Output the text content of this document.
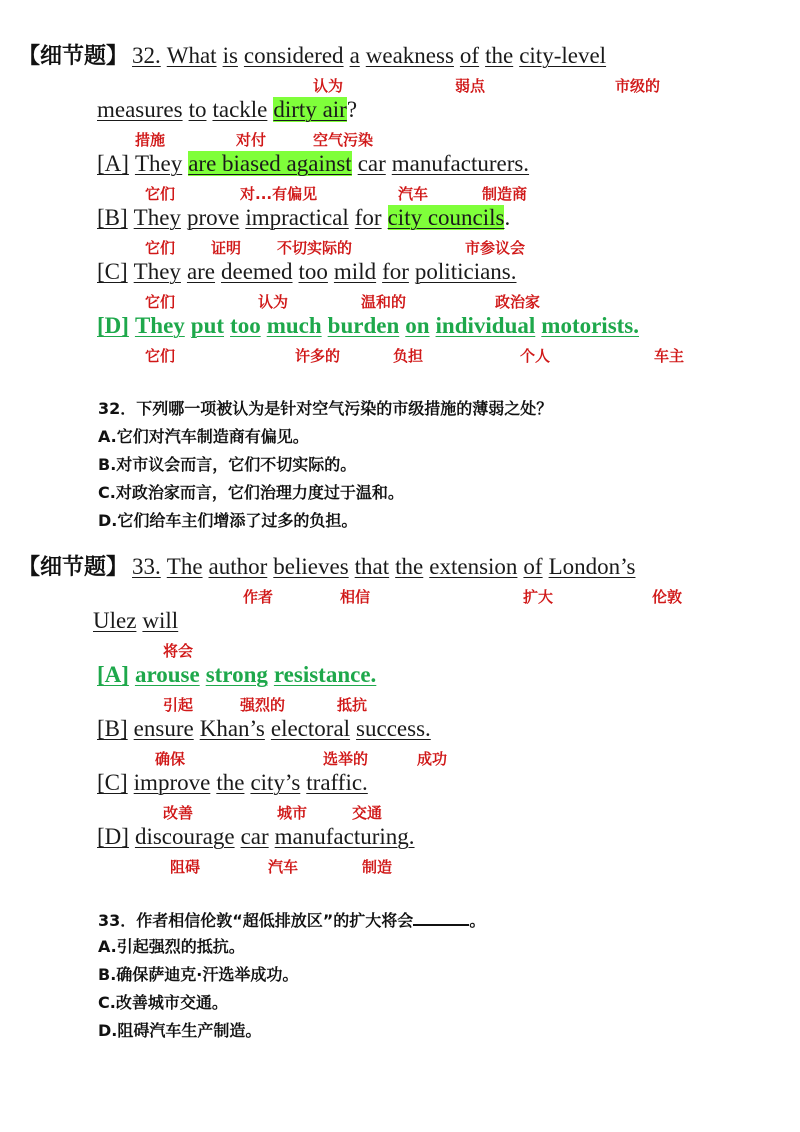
【细节题】 32. What is considered a weakness of the city-level
认为	弱点	市级的
measures to tackle dirty air?
措施	对付	空气污染
[A] They are biased against car manufacturers.
它们	对...有偏见	汽车	制造商
[B] They prove impractical for city councils.
它们 证明 不切实际的	市参议会
[C] They are deemed too mild for politicians.
它们	认为	温和的	政治家
[D] They put too much burden on individual motorists.
它们	许多的	负担	个人	车主
32．下列哪一项被认为是针对空气污染的市级措施的薄弱之处？
A.它们对汽车制造商有偏见。
B.对市议会而言，它们不切实际的。
C.对政治家而言，它们治理力度过于温和。
D.它们给车主们增添了过多的负担。
【细节题】 33. The author believes that the extension of London’s
作者	相信	扩大	伦敦
Ulez will
将会
[A] arouse strong resistance.
引起	强烈的	抵抗
[B] ensure Khan’s electoral success.
确保	选举的	成功
[C] improve the city’s traffic.
改善	城市	交通
[D] discourage car manufacturing.
阻碍	汽车	制造
33．作者相信伦敦“超低排放区”的扩大将会	。
A.引起强烈的抵抗。
B.确保萨迪克·汗选举成功。
C.改善城市交通。
D.阻碍汽车生产制造。
